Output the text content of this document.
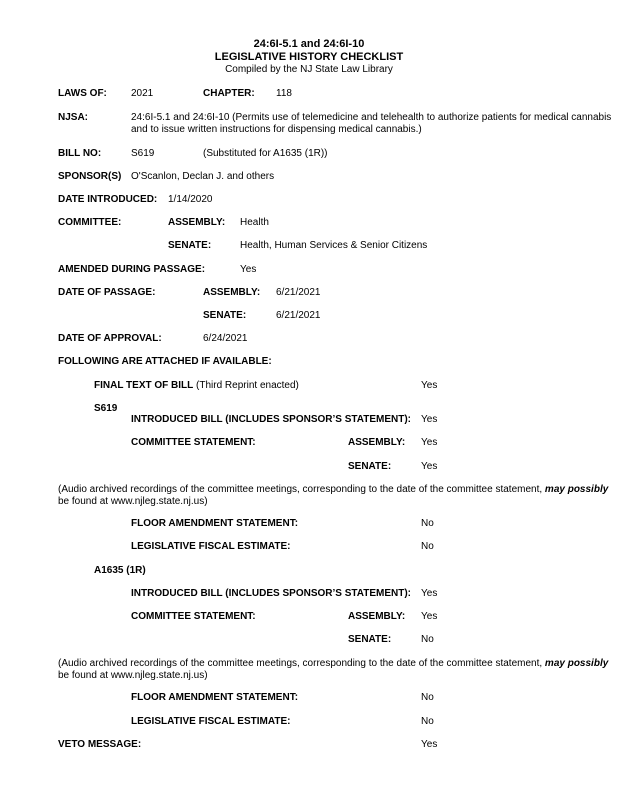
24:6I-5.1 and 24:6I-10
LEGISLATIVE HISTORY CHECKLIST
Compiled by the NJ State Law Library
LAWS OF: 2021	CHAPTER: 118
NJSA:	24:6I-5.1 and 24:6I-10 (Permits use of telemedicine and telehealth to authorize patients for medical cannabis
and to issue written instructions for dispensing medical cannabis.)
BILL NO:	S619	(Substituted for A1635 (1R))
SPONSOR(S) O'Scanlon, Declan J. and others
DATE INTRODUCED: 1/14/2020
COMMITTEE:	ASSEMBLY: Health
SENATE:	Health, Human Services & Senior Citizens
AMENDED DURING PASSAGE:	Yes
DATE OF PASSAGE:	ASSEMBLY: 6/21/2021
SENATE:	6/21/2021
DATE OF APPROVAL:	6/24/2021
FOLLOWING ARE ATTACHED IF AVAILABLE:
FINAL TEXT OF BILL (Third Reprint enacted)	Yes
S619
INTRODUCED BILL (INCLUDES SPONSOR’S STATEMENT): Yes
COMMITTEE STATEMENT:	ASSEMBLY: Yes
SENATE:	Yes
(Audio archived recordings of the committee meetings, corresponding to the date of the committee statement, may possibly
be found at www.njleg.state.nj.us)
FLOOR AMENDMENT STATEMENT:	No
LEGISLATIVE FISCAL ESTIMATE:	No
A1635 (1R)
INTRODUCED BILL (INCLUDES SPONSOR’S STATEMENT): Yes
COMMITTEE STATEMENT:	ASSEMBLY: Yes
SENATE:	No
(Audio archived recordings of the committee meetings, corresponding to the date of the committee statement, may possibly
be found at www.njleg.state.nj.us)
FLOOR AMENDMENT STATEMENT:	No
LEGISLATIVE FISCAL ESTIMATE:	No
VETO MESSAGE:	Yes
